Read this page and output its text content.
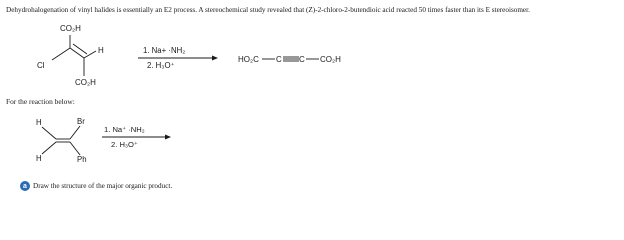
Dehydrohalogenation of vinyl halides is essentially an E2 process. A stereochemical study revealed that (Z)-2-chloro-2-butendioic acid reacted 50 times faster than its E stereoisomer.
CO₂H
H
Cl
CO₂H
1. Na+ ·NH₂
2. H₃O⁺
HO₂C C C CO₂H
H	Br
H	Ph
1. Na⁺ ·NH₂
2. H₃O⁺
For the reaction below:
a Draw the structure of the major organic product.
